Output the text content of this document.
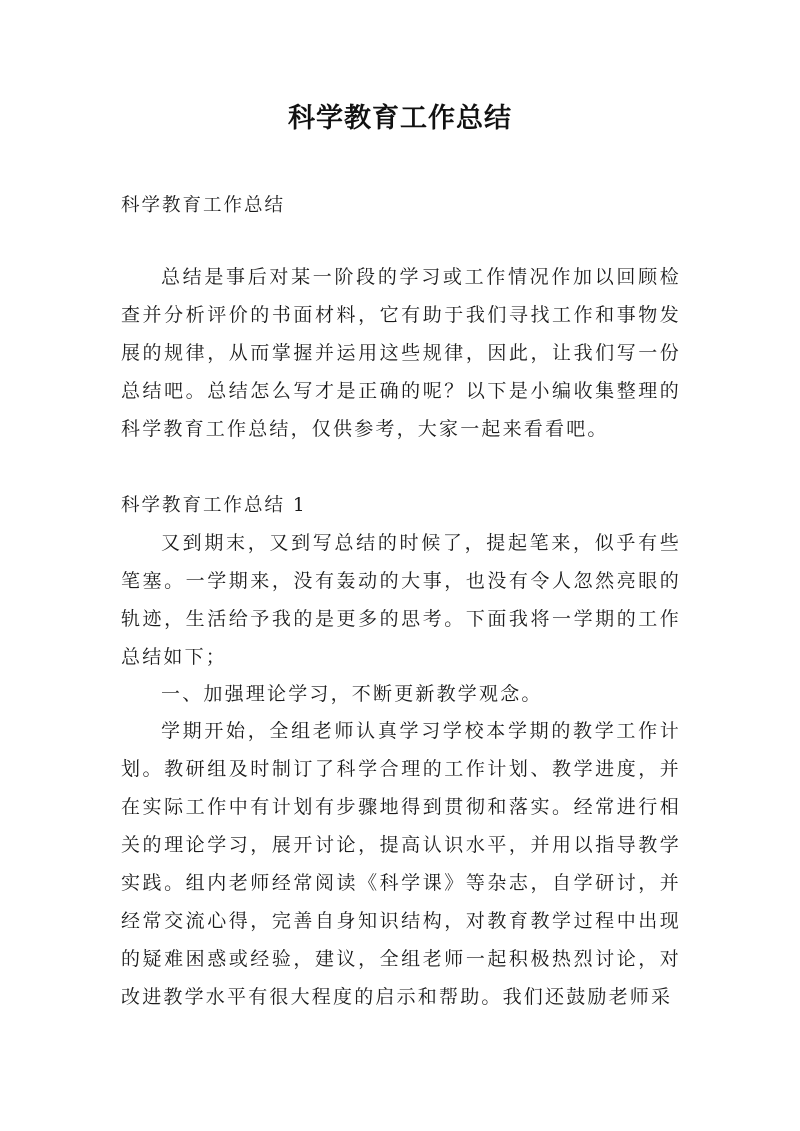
科学教育工作总结
科学教育工作总结
总结是事后对某一阶段的学习或工作情况作加以回顾检查并分析评价的书面材料，它有助于我们寻找工作和事物发展的规律，从而掌握并运用这些规律，因此，让我们写一份总结吧。总结怎么写才是正确的呢？以下是小编收集整理的科学教育工作总结，仅供参考，大家一起来看看吧。
科学教育工作总结 1
又到期末，又到写总结的时候了，提起笔来，似乎有些笔塞。一学期来，没有轰动的大事，也没有令人忽然亮眼的轨迹，生活给予我的是更多的思考。下面我将一学期的工作总结如下；
一、加强理论学习，不断更新教学观念。
学期开始，全组老师认真学习学校本学期的教学工作计划。教研组及时制订了科学合理的工作计划、教学进度，并在实际工作中有计划有步骤地得到贯彻和落实。经常进行相关的理论学习，展开讨论，提高认识水平，并用以指导教学实践。组内老师经常阅读《科学课》等杂志，自学研讨，并经常交流心得，完善自身知识结构，对教育教学过程中出现的疑难困惑或经验，建议，全组老师一起积极热烈讨论，对改进教学水平有很大程度的启示和帮助。我们还鼓励老师采
